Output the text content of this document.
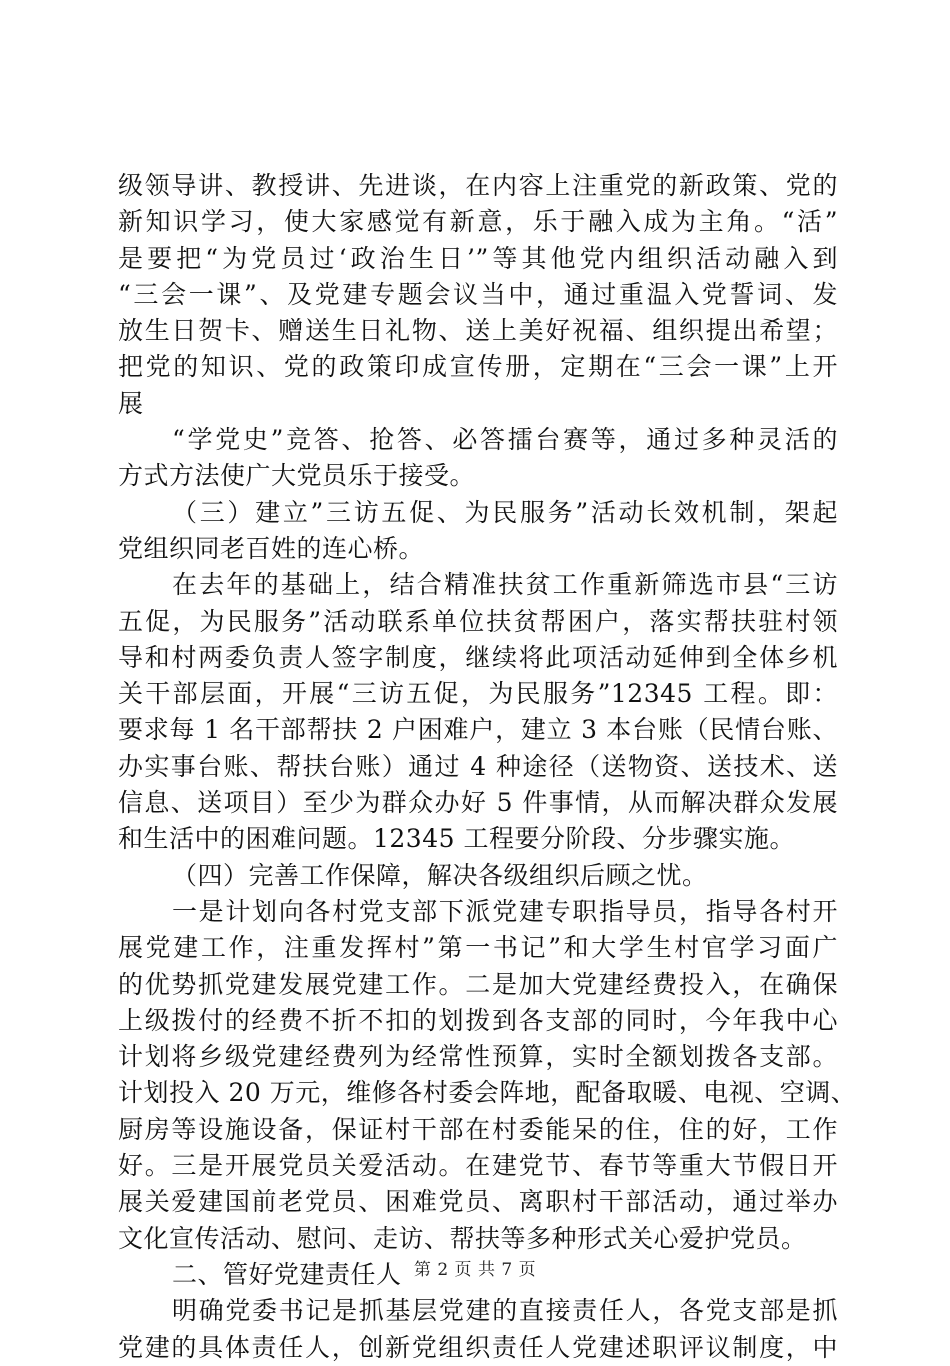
级领导讲、教授讲、先进谈，在内容上注重党的新政策、党的
新知识学习，使大家感觉有新意，乐于融入成为主角。“活”
是要把“为党员过‘政治生日’”等其他党内组织活动融入到
“三会一课”、及党建专题会议当中，通过重温入党誓词、发
放生日贺卡、赠送生日礼物、送上美好祝福、组织提出希望；
把党的知识、党的政策印成宣传册，定期在“三会一课”上开
展
“学党史”竞答、抢答、必答擂台赛等，通过多种灵活的
方式方法使广大党员乐于接受。
（三）建立”三访五促、为民服务”活动长效机制，架起
党组织同老百姓的连心桥。
在去年的基础上，结合精准扶贫工作重新筛选市县“三访
五促，为民服务”活动联系单位扶贫帮困户，落实帮扶驻村领
导和村两委负责人签字制度，继续将此项活动延伸到全体乡机
关干部层面，开展“三访五促，为民服务”12345 工程。即：
要求每 1 名干部帮扶 2 户困难户，建立 3 本台账（民情台账、
办实事台账、帮扶台账）通过 4 种途径（送物资、送技术、送
信息、送项目）至少为群众办好 5 件事情，从而解决群众发展
和生活中的困难问题。12345 工程要分阶段、分步骤实施。
（四）完善工作保障，解决各级组织后顾之忧。
一是计划向各村党支部下派党建专职指导员，指导各村开
展党建工作，注重发挥村”第一书记”和大学生村官学习面广
的优势抓党建发展党建工作。二是加大党建经费投入，在确保
上级拨付的经费不折不扣的划拨到各支部的同时，今年我中心
计划将乡级党建经费列为经常性预算，实时全额划拨各支部。
计划投入 20 万元，维修各村委会阵地，配备取暖、电视、空调、
厨房等设施设备，保证村干部在村委能呆的住，住的好，工作
好。三是开展党员关爱活动。在建党节、春节等重大节假日开
展关爱建国前老党员、困难党员、离职村干部活动，通过举办
文化宣传活动、慰问、走访、帮扶等多种形式关心爱护党员。
二、管好党建责任人
明确党委书记是抓基层党建的直接责任人，各党支部是抓
党建的具体责任人，创新党组织责任人党建述职评议制度，中
第 2 页 共 7 页
